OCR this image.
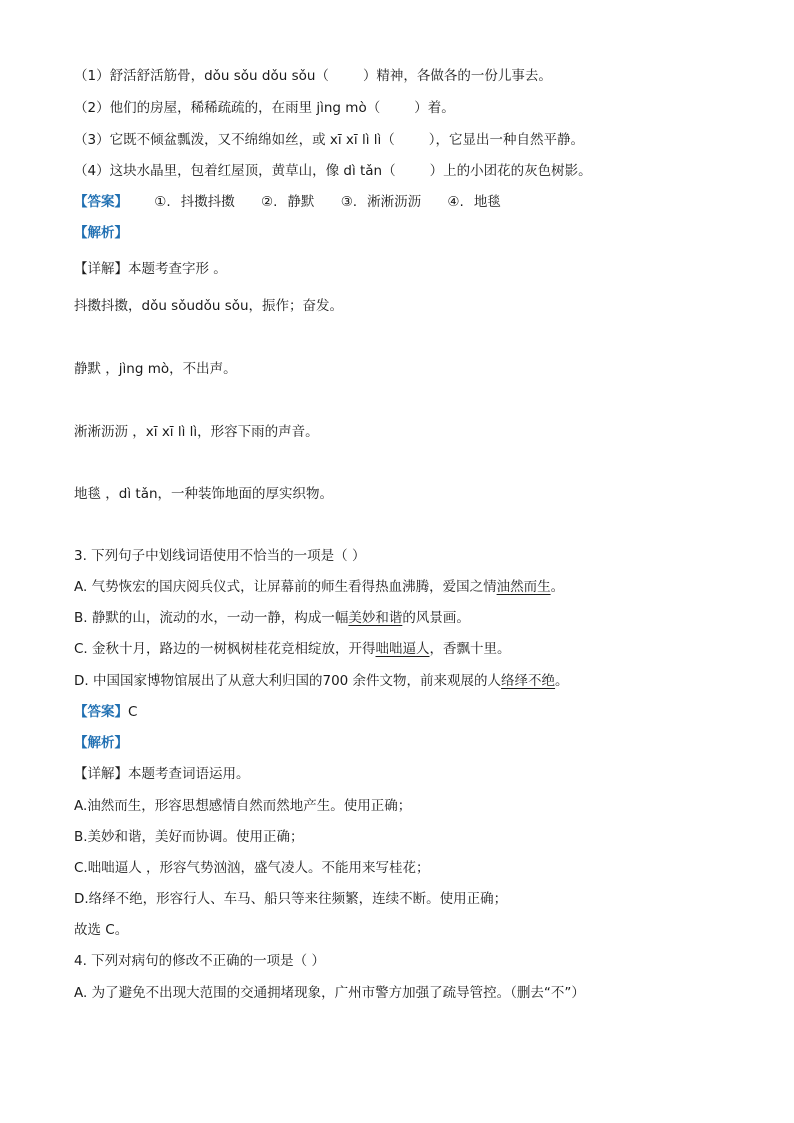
（1）舒活舒活筋骨，dǒu sǒu dǒu sǒu（	）精神，各做各的一份儿事去。
（2）他们的房屋，稀稀疏疏的，在雨里 jìng mò（	）着。
（3）它既不倾盆瓢泼，又不绵绵如丝，或 xī xī lì lì（	），它显出一种自然平静。
（4）这块水晶里，包着红屋顶，黄草山，像 dì tǎn（	）上的小团花的灰色树影。
【答案】 ①. 抖擞抖擞 ②. 静默 ③. 淅淅沥沥 ④. 地毯
【解析】
【详解】本题考查字形 。
抖擞抖擞，dǒu sǒudǒu sǒu，振作；奋发。
静默 ，jìng mò，不出声。
淅淅沥沥 ，xī xī lì lì，形容下雨的声音。
地毯 ，dì tǎn，一种装饰地面的厚实织物。
3. 下列句子中划线词语使用不恰当的一项是（ ）
A. 气势恢宏的国庆阅兵仪式，让屏幕前的师生看得热血沸腾，爱国之情油然而生。
B. 静默的山，流动的水，一动一静，构成一幅美妙和谐的风景画。
C. 金秋十月，路边的一树枫树桂花竞相绽放，开得咄咄逼人，香飘十里。
D. 中国国家博物馆展出了从意大利归国的700 余件文物，前来观展的人络绎不绝。
【答案】C
【解析】
【详解】本题考查词语运用。
A.油然而生，形容思想感情自然而然地产生。使用正确；
B.美妙和谐，美好而协调。使用正确；
C.咄咄逼人 ，形容气势汹汹，盛气凌人。不能用来写桂花；
D.络绎不绝，形容行人、车马、船只等来往频繁，连续不断。使用正确；
故选 C。
4. 下列对病句的修改不正确的一项是（ ）
A. 为了避免不出现大范围的交通拥堵现象，广州市警方加强了疏导管控。（删去“不”）
